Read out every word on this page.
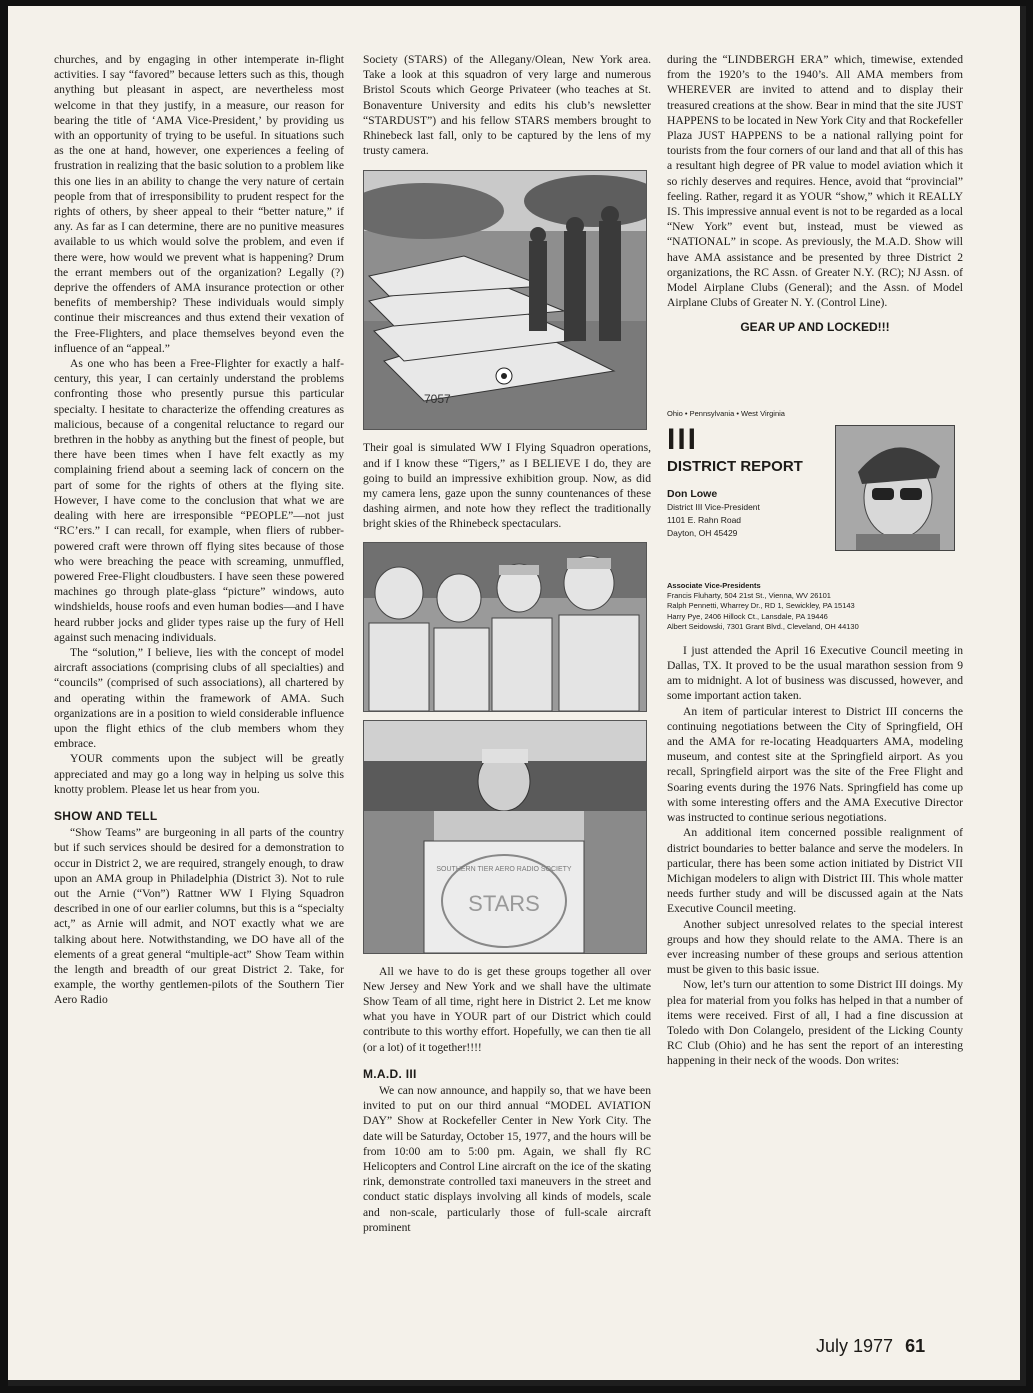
churches, and by engaging in other intemperate in-flight activities. I say “favored” because letters such as this, though anything but pleasant in aspect, are nevertheless most welcome in that they justify, in a measure, our reason for bearing the title of ‘AMA Vice-President,’ by providing us with an opportunity of trying to be useful. In situations such as the one at hand, however, one experiences a feeling of frustration in realizing that the basic solution to a problem like this one lies in an ability to change the very nature of certain people from that of irresponsibility to prudent respect for the rights of others, by sheer appeal to their “better nature,” if any. As far as I can determine, there are no punitive measures available to us which would solve the problem, and even if there were, how would we prevent what is happening? Drum the errant members out of the organization? Legally (?) deprive the offenders of AMA insurance protection or other benefits of membership? These individuals would simply continue their miscreances and thus extend their vexation of the Free-Flighters, and place themselves beyond even the influence of an “appeal.”

As one who has been a Free-Flighter for exactly a half-century, this year, I can certainly understand the problems confronting those who presently pursue this particular specialty. I hesitate to characterize the offending creatures as malicious, because of a congenital reluctance to regard our brethren in the hobby as anything but the finest of people, but there have been times when I have felt exactly as my complaining friend about a seeming lack of concern on the part of some for the rights of others at the flying site. However, I have come to the conclusion that what we are dealing with here are irresponsible “PEOPLE”—not just “RC’ers.” I can recall, for example, when fliers of rubber-powered craft were thrown off flying sites because of those who were breaching the peace with screaming, unmuffled, powered Free-Flight cloudbusters. I have seen these powered machines go through plate-glass “picture” windows, auto windshields, house roofs and even human bodies—and I have heard rubber jocks and glider types raise up the fury of Hell against such menacing individuals.

The “solution,” I believe, lies with the concept of model aircraft associations (comprising clubs of all specialties) and “councils” (comprised of such associations), all chartered by and operating within the framework of AMA. Such organizations are in a position to wield considerable influence upon the flight ethics of the club members whom they embrace.

YOUR comments upon the subject will be greatly appreciated and may go a long way in helping us solve this knotty problem. Please let us hear from you.

SHOW AND TELL

“Show Teams” are burgeoning in all parts of the country but if such services should be desired for a demonstration to occur in District 2, we are required, strangely enough, to draw upon an AMA group in Philadelphia (District 3). Not to rule out the Arnie (“Von”) Rattner WW I Flying Squadron described in one of our earlier columns, but this is a “specialty act,” as Arnie will admit, and NOT exactly what we are talking about here. Notwithstanding, we DO have all of the elements of a great general “multiple-act” Show Team within the length and breadth of our great District 2. Take, for example, the worthy gentlemen-pilots of the Southern Tier Aero Radio

Society (STARS) of the Allegany/Olean, New York area. Take a look at this squadron of very large and numerous Bristol Scouts which George Privateer (who teaches at St. Bonaventure University and edits his club’s newsletter “STARDUST”) and his fellow STARS members brought to Rhinebeck last fall, only to be captured by the lens of my trusty camera.

7057

Their goal is simulated WW I Flying Squadron operations, and if I know these “Tigers,” as I BELIEVE I do, they are going to build an impressive exhibition group. Now, as did my camera lens, gaze upon the sunny countenances of these dashing airmen, and note how they reflect the traditionally bright skies of the Rhinebeck spectaculars.

SOUTHERN TIER AERO RADIO SOCIETY
STARS

All we have to do is get these groups together all over New Jersey and New York and we shall have the ultimate Show Team of all time, right here in District 2. Let me know what you have in YOUR part of our District which could contribute to this worthy effort. Hopefully, we can then tie all (or a lot) of it together!!!!

M.A.D. III

We can now announce, and happily so, that we have been invited to put on our third annual “MODEL AVIATION DAY” Show at Rockefeller Center in New York City. The date will be Saturday, October 15, 1977, and the hours will be from 10:00 am to 5:00 pm. Again, we shall fly RC Helicopters and Control Line aircraft on the ice of the skating rink, demonstrate controlled taxi maneuvers in the street and conduct static displays involving all kinds of models, scale and non-scale, particularly those of full-scale aircraft prominent

during the “LINDBERGH ERA” which, timewise, extended from the 1920’s to the 1940’s. All AMA members from WHEREVER are invited to attend and to display their treasured creations at the show. Bear in mind that the site JUST HAPPENS to be located in New York City and that Rockefeller Plaza JUST HAPPENS to be a national rallying point for tourists from the four corners of our land and that all of this has a resultant high degree of PR value to model aviation which it so richly deserves and requires. Hence, avoid that “provincial” feeling. Rather, regard it as YOUR “show,” which it REALLY IS. This impressive annual event is not to be regarded as a local “New York” event but, instead, must be viewed as “NATIONAL” in scope. As previously, the M.A.D. Show will have AMA assistance and be presented by three District 2 organizations, the RC Assn. of Greater N.Y. (RC); NJ Assn. of Model Airplane Clubs (General); and the Assn. of Model Airplane Clubs of Greater N. Y. (Control Line).

GEAR UP AND LOCKED!!!
Ohio • Pennsylvania • West Virginia
III
DISTRICT REPORT
Don Lowe
District III Vice-President
1101 E. Rahn Road
Dayton, OH 45429
Associate Vice-Presidents
Francis Fluharty, 504 21st St., Vienna, WV 26101
Ralph Pennetti, Wharrey Dr., RD 1, Sewickley, PA 15143
Harry Pye, 2406 Hillock Ct., Lansdale, PA 19446
Albert Seidowski, 7301 Grant Blvd., Cleveland, OH 44130

I just attended the April 16 Executive Council meeting in Dallas, TX. It proved to be the usual marathon session from 9 am to midnight. A lot of business was discussed, however, and some important action taken.

An item of particular interest to District III concerns the continuing negotiations between the City of Springfield, OH and the AMA for re-locating Headquarters AMA, modeling museum, and contest site at the Springfield airport. As you recall, Springfield airport was the site of the Free Flight and Soaring events during the 1976 Nats. Springfield has come up with some interesting offers and the AMA Executive Director was instructed to continue serious negotiations.

An additional item concerned possible realignment of district boundaries to better balance and serve the modelers. In particular, there has been some action initiated by District VII Michigan modelers to align with District III. This whole matter needs further study and will be discussed again at the Nats Executive Council meeting.

Another subject unresolved relates to the special interest groups and how they should relate to the AMA. There is an ever increasing number of these groups and serious attention must be given to this basic issue.

Now, let’s turn our attention to some District III doings. My plea for material from you folks has helped in that a number of items were received. First of all, I had a fine discussion at Toledo with Don Colangelo, president of the Licking County RC Club (Ohio) and he has sent the report of an interesting happening in their neck of the woods. Don writes:

July 1977 61
